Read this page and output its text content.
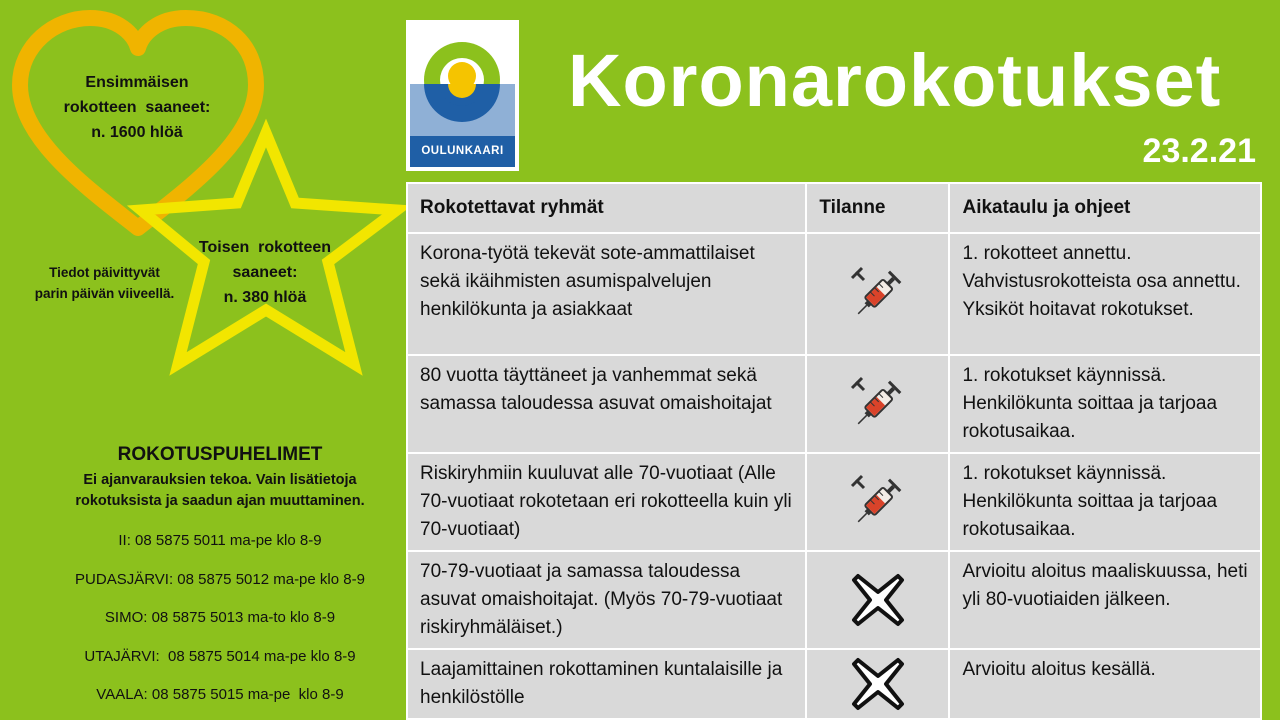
Ensimmäisen
rokotteen  saaneet:
n. 1600 hlöä
Toisen  rokotteen
saaneet:
n. 380 hlöä
Tiedot päivittyvät
parin päivän viiveellä.
ROKOTUSPUHELIMET
Ei ajanvarauksien tekoa. Vain lisätietoja
rokotuksista ja saadun ajan muuttaminen.
II: 08 5875 5011 ma-pe klo 8-9
PUDASJÄRVI: 08 5875 5012 ma-pe klo 8-9
SIMO: 08 5875 5013 ma-to klo 8-9
UTAJÄRVI:  08 5875 5014 ma-pe klo 8-9
VAALA: 08 5875 5015 ma-pe  klo 8-9
OULUNKAARI
Koronarokotukset
23.2.21
Rokotettavat ryhmät	Tilanne	Aikataulu ja ohjeet
Korona-työtä tekevät sote-ammattilaiset sekä ikäihmisten asumispalvelujen henkilökunta ja asiakkaat		1. rokotteet annettu. Vahvistusrokotteista osa annettu. Yksiköt hoitavat rokotukset.
80 vuotta täyttäneet ja vanhemmat sekä samassa taloudessa asuvat omaishoitajat		1. rokotukset käynnissä. Henkilökunta soittaa ja tarjoaa rokotusaikaa.
Riskiryhmiin kuuluvat alle 70-vuotiaat (Alle 70-vuotiaat rokotetaan eri rokotteella kuin yli 70-vuotiaat)		1. rokotukset käynnissä. Henkilökunta soittaa ja tarjoaa rokotusaikaa.
70-79-vuotiaat ja samassa taloudessa asuvat omaishoitajat. (Myös 70-79-vuotiaat riskiryhmäläiset.)		Arvioitu aloitus maaliskuussa, heti yli 80-vuotiaiden jälkeen.
Laajamittainen rokottaminen kuntalaisille ja henkilöstölle		Arvioitu aloitus kesällä.
